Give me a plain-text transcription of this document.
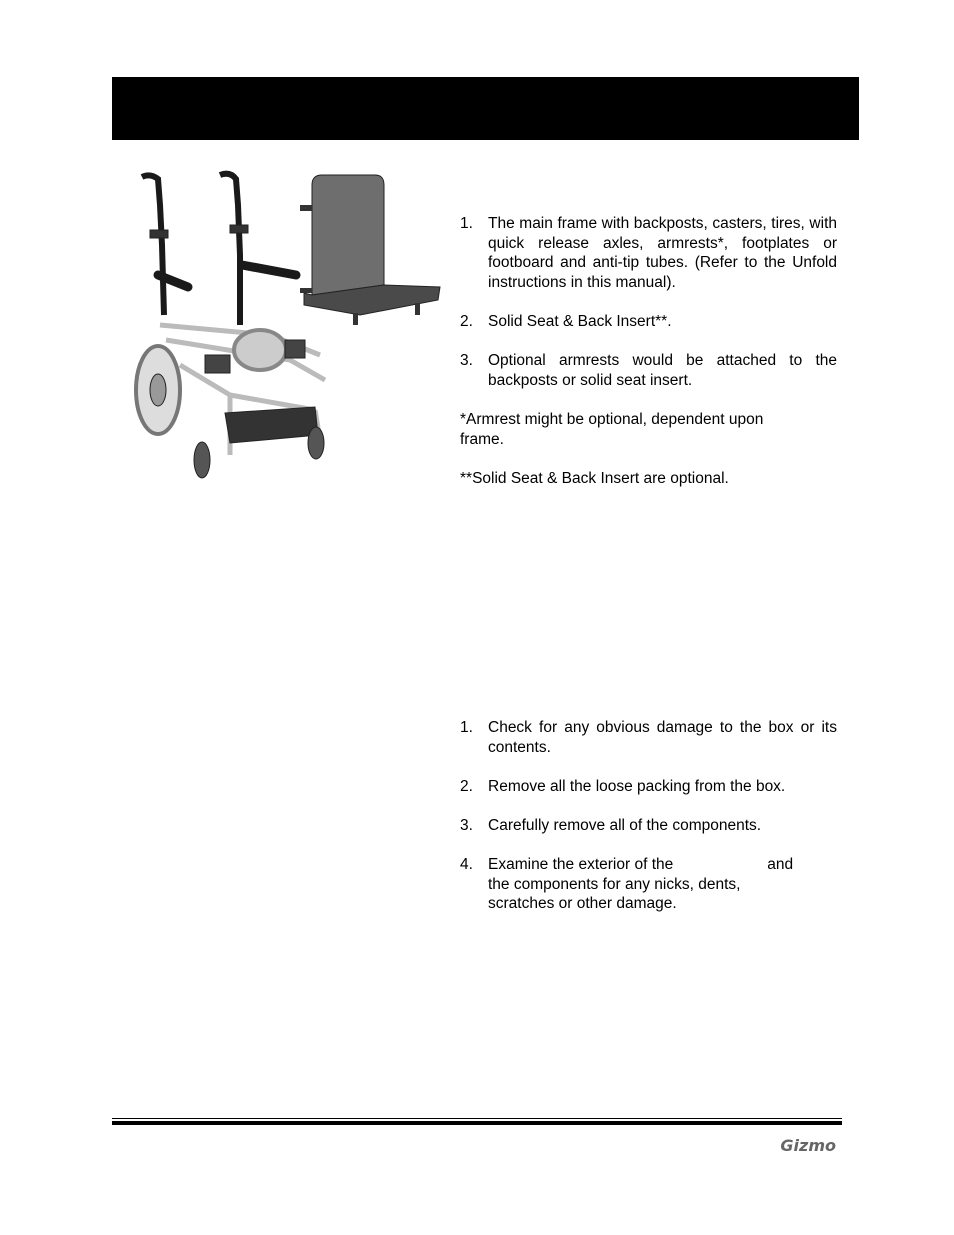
1. The main frame with backposts, casters, tires, with quick release axles, armrests*, footplates or footboard and anti-tip tubes. (Refer to the Unfold instructions in this manual).
2. Solid Seat & Back Insert**.
3. Optional armrests would be attached to the backposts or solid seat insert.

*Armrest might be optional, dependent upon frame.

**Solid Seat & Back Insert are optional.

1. Check for any obvious damage to the box or its contents.
2. Remove all the loose packing from the box.
3. Carefully remove all of the components.
4. Examine the exterior of the	and
the components for any nicks, dents, scratches or other damage.
Gizmo
